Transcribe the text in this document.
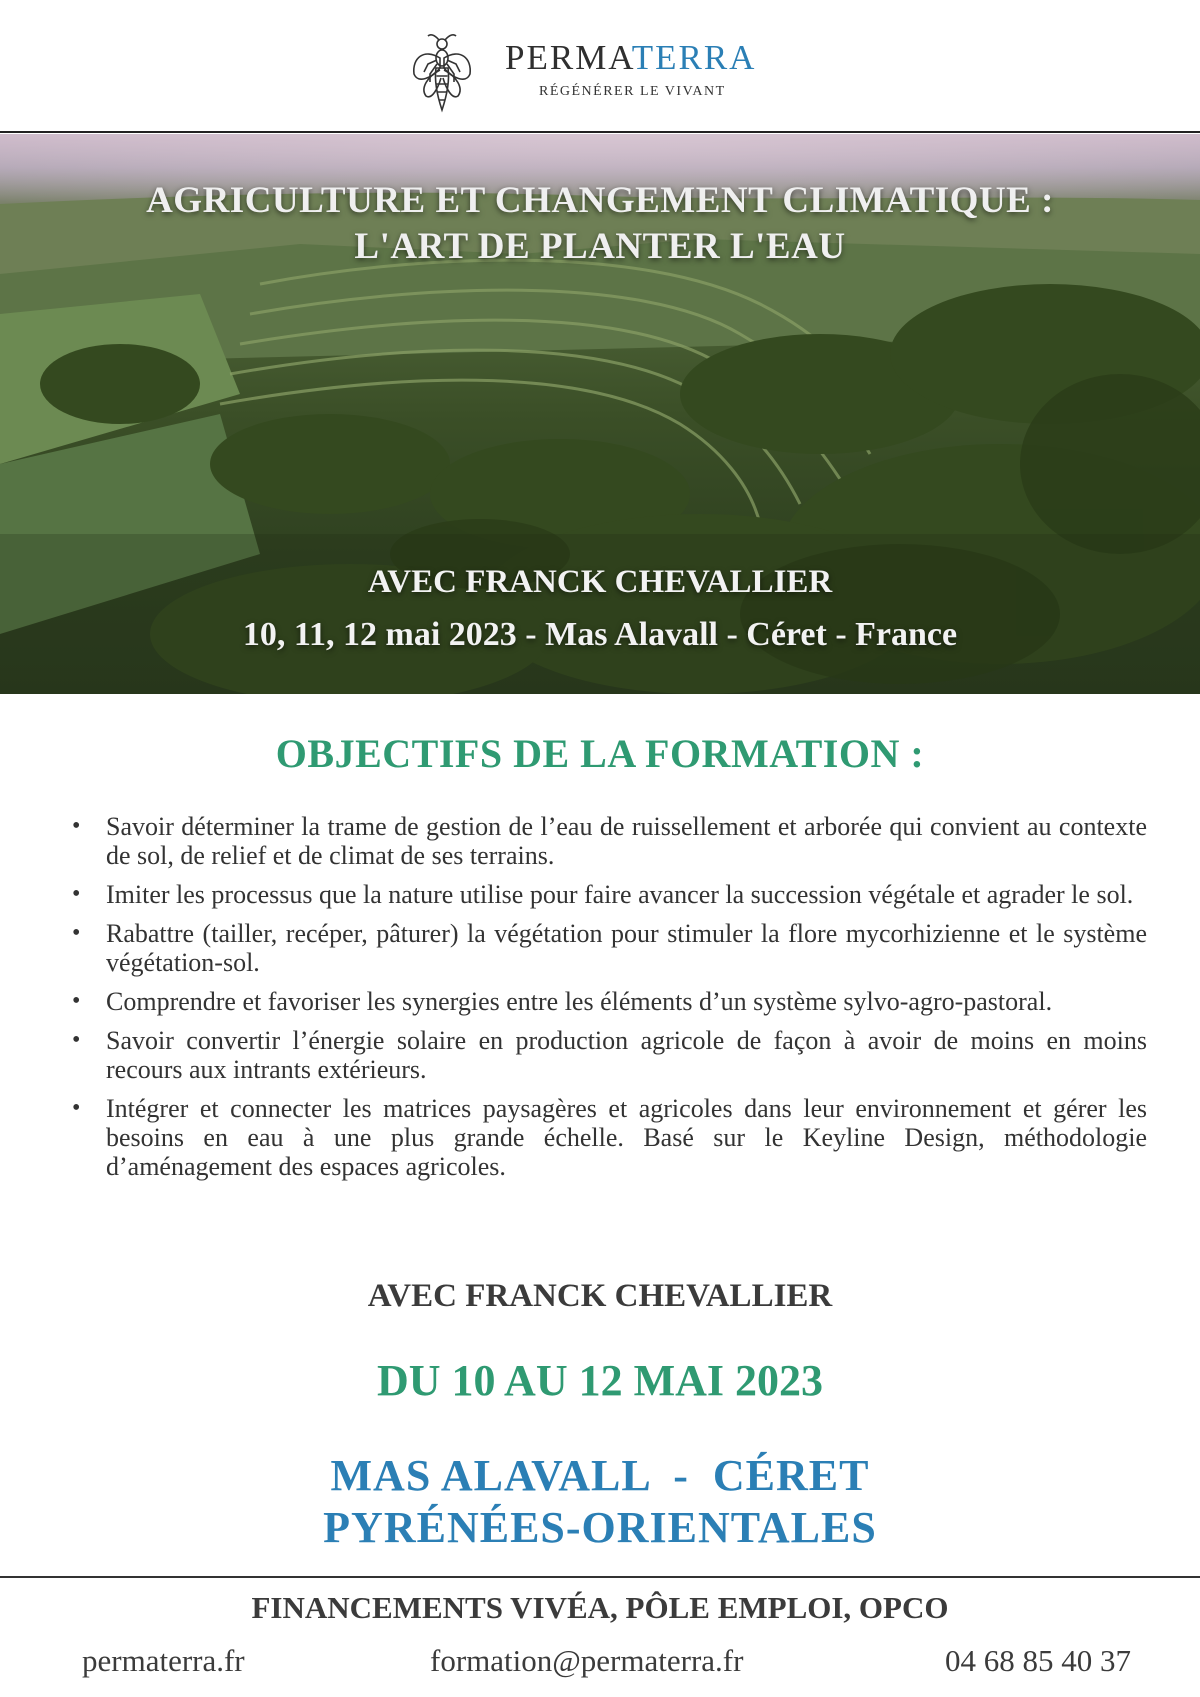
PERMATERRA
RÉGÉNÉRER LE VIVANT
AGRICULTURE ET CHANGEMENT CLIMATIQUE :
L'ART DE PLANTER L'EAU
AVEC FRANCK CHEVALLIER
10, 11, 12 mai 2023 - Mas Alavall - Céret - France
OBJECTIFS DE LA FORMATION :
• Savoir déterminer la trame de gestion de l’eau de ruissellement et arborée qui convient au contexte de sol, de relief et de climat de ses terrains.
• Imiter les processus que la nature utilise pour faire avancer la succession végétale et agrader le sol.
• Rabattre (tailler, recéper, pâturer) la végétation pour stimuler la flore mycorhizienne et le système végétation-sol.
• Comprendre et favoriser les synergies entre les éléments d’un système sylvo-agro-pastoral.
• Savoir convertir l’énergie solaire en production agricole de façon à avoir de moins en moins recours aux intrants extérieurs.
• Intégrer et connecter les matrices paysagères et agricoles dans leur environnement et gérer les besoins en eau à une plus grande échelle. Basé sur le Keyline Design, méthodologie d’aménagement des espaces agricoles.
AVEC FRANCK CHEVALLIER
DU 10 AU 12 MAI 2023
MAS ALAVALL  -  CÉRET
PYRÉNÉES-ORIENTALES
FINANCEMENTS VIVÉA, PÔLE EMPLOI, OPCO
permaterra.fr	formation@permaterra.fr	04 68 85 40 37
